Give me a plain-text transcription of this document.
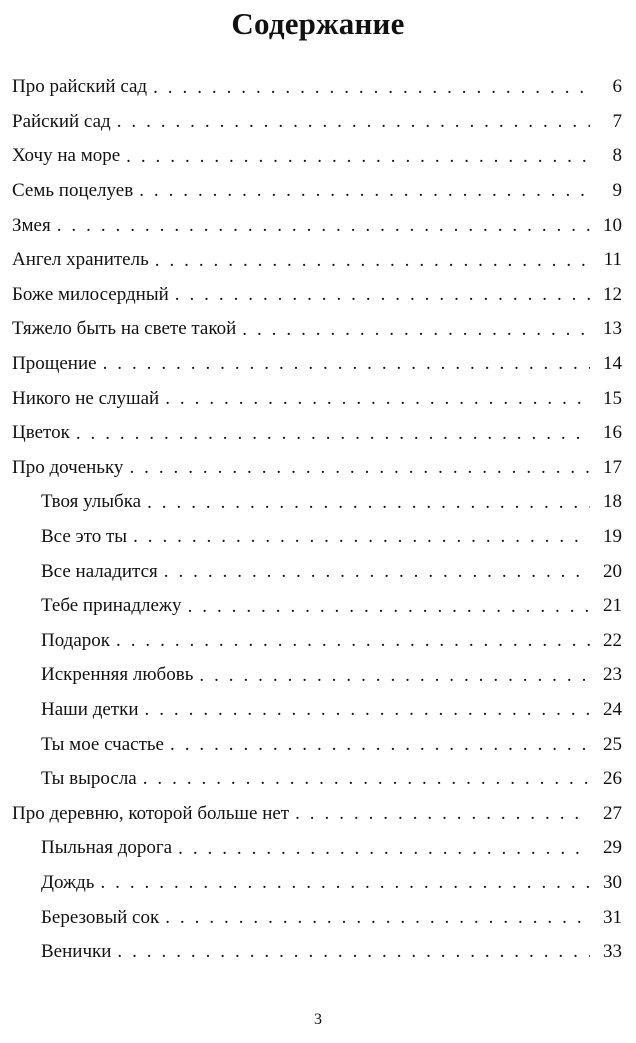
Содержание
Про райский сад . . .	6
Райский сад . . .	7
Хочу на море . . .	8
Семь поцелуев . . .	9
Змея . . .	10
Ангел хранитель . . .	11
Боже милосердный . . .	12
Тяжело быть на свете такой . . .	13
Прощение . . .	14
Никого не слушай . . .	15
Цветок . . .	16
Про доченьку . . .	17
Твоя улыбка . . .	18
Все это ты . . .	19
Все наладится . . .	20
Тебе принадлежу . . .	21
Подарок . . .	22
Искренняя любовь . . .	23
Наши детки . . .	24
Ты мое счастье . . .	25
Ты выросла . . .	26
Про деревню, которой больше нет . . .	27
Пыльная дорога . . .	29
Дождь . . .	30
Березовый сок . . .	31
Венички . . .	33
3
